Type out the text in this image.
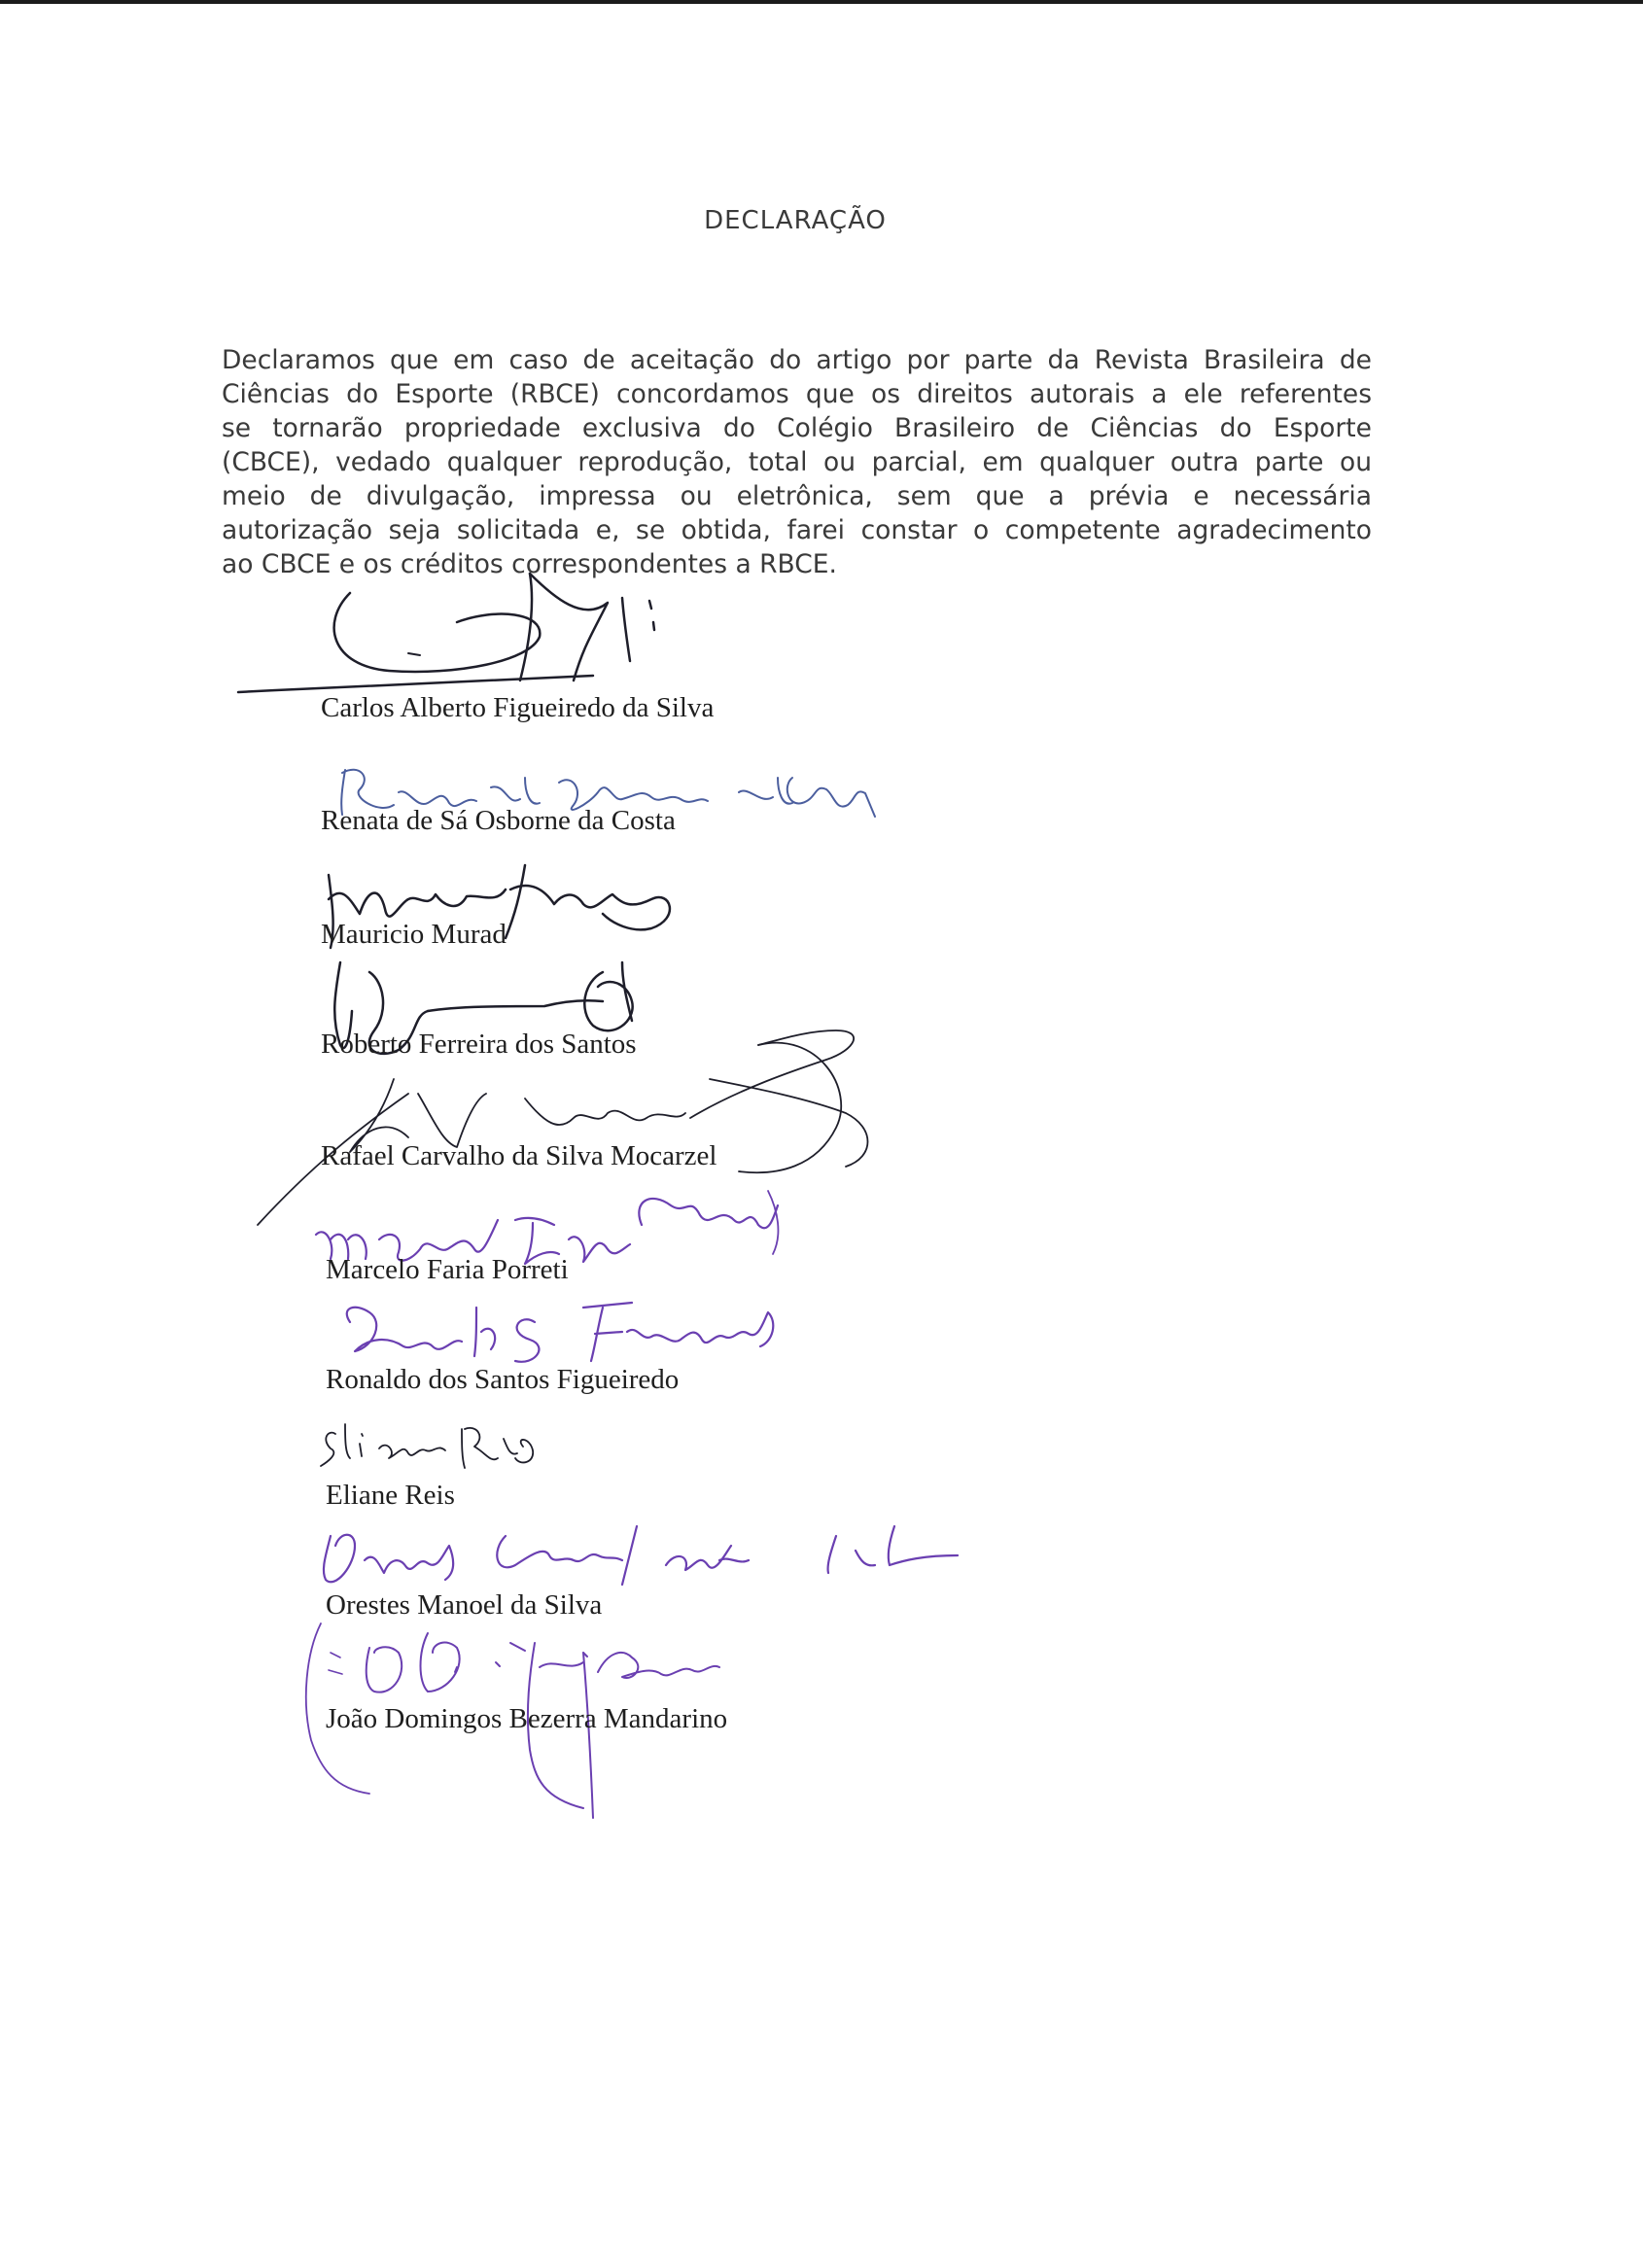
DECLARAÇÃO
Declaramos que em caso de aceitação do artigo por parte da Revista Brasileira de
Ciências do Esporte (RBCE) concordamos que os direitos autorais a ele referentes
se tornarão propriedade exclusiva do Colégio Brasileiro de Ciências do Esporte
(CBCE), vedado qualquer reprodução, total ou parcial, em qualquer outra parte ou
meio de divulgação, impressa ou eletrônica, sem que a prévia e necessária
autorização seja solicitada e, se obtida, farei constar o competente agradecimento
ao CBCE e os créditos correspondentes a RBCE.
Carlos Alberto Figueiredo da Silva
Renata de Sá Osborne da Costa
Mauricio Murad
Roberto Ferreira dos Santos
Rafael Carvalho da Silva Mocarzel
Marcelo Faria Porreti
Ronaldo dos Santos Figueiredo
Eliane Reis
Orestes Manoel da Silva
João Domingos Bezerra Mandarino
